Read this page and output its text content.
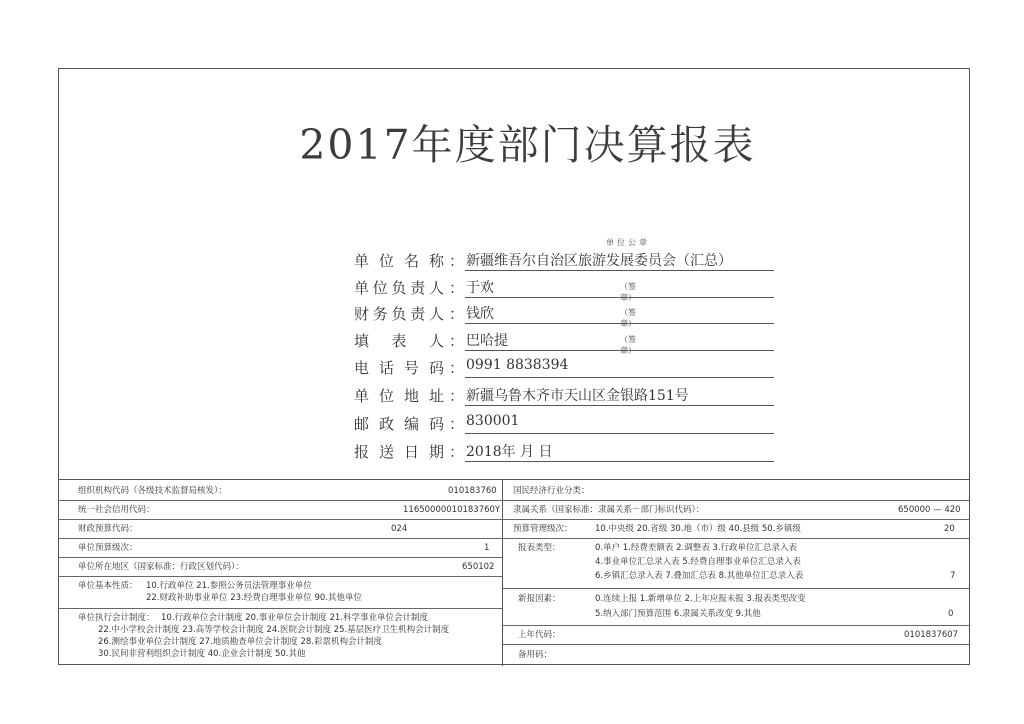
2017年度部门决算报表
单位公章
单 位 名 称 ： 新疆维吾尔自治区旅游发展委员会（汇总）
单 位 负 责 人 ： 于欢	（签章）
财 务 负 责 人 ： 钱欣	（签章）
填 表 人 ： 巴哈提	（签章）
电 话 号 码 ： 0991 8838394
单 位 地 址 ： 新疆乌鲁木齐市天山区金银路151号
邮 政 编 码 ： 830001
报 送 日 期 ： 2018年 月 日
组织机构代码（各级技术监督局核发）：	010183760
统一社会信用代码：	11650000010183760Y
财政预算代码：	024
单位预算级次：	1
单位所在地区（国家标准：行政区划代码）：	650102
单位基本性质： 10.行政单位 21.参照公务员法管理事业单位
22.财政补助事业单位 23.经费自理事业单位 90.其他单位
单位执行会计制度： 10.行政单位会计制度 20.事业单位会计制度 21.科学事业单位会计制度
22.中小学校会计制度 23.高等学校会计制度 24.医院会计制度 25.基层医疗卫生机构会计制度
26.测绘事业单位会计制度 27.地质勘查单位会计制度 28.彩票机构会计制度
30.民间非营利组织会计制度 40.企业会计制度 50.其他
国民经济行业分类：
隶属关系（国家标准：隶属关系－部门标识代码）：	650000 — 420
预算管理级次：	10.中央级 20.省级 30.地（市）级 40.县级 50.乡镇级	20
报表类型：	0.单户 1.经费差额表 2.调整表 3.行政单位汇总录入表
4.事业单位汇总录入表 5.经费自理事业单位汇总录入表
6.乡镇汇总录入表 7.叠加汇总表 8.其他单位汇总录入表	7
新报因素：	0.连续上报 1.新增单位 2.上年应报未报 3.报表类型改变
5.纳入部门预算范围 6.隶属关系改变 9.其他	0
上年代码：	0101837607
备用码：
